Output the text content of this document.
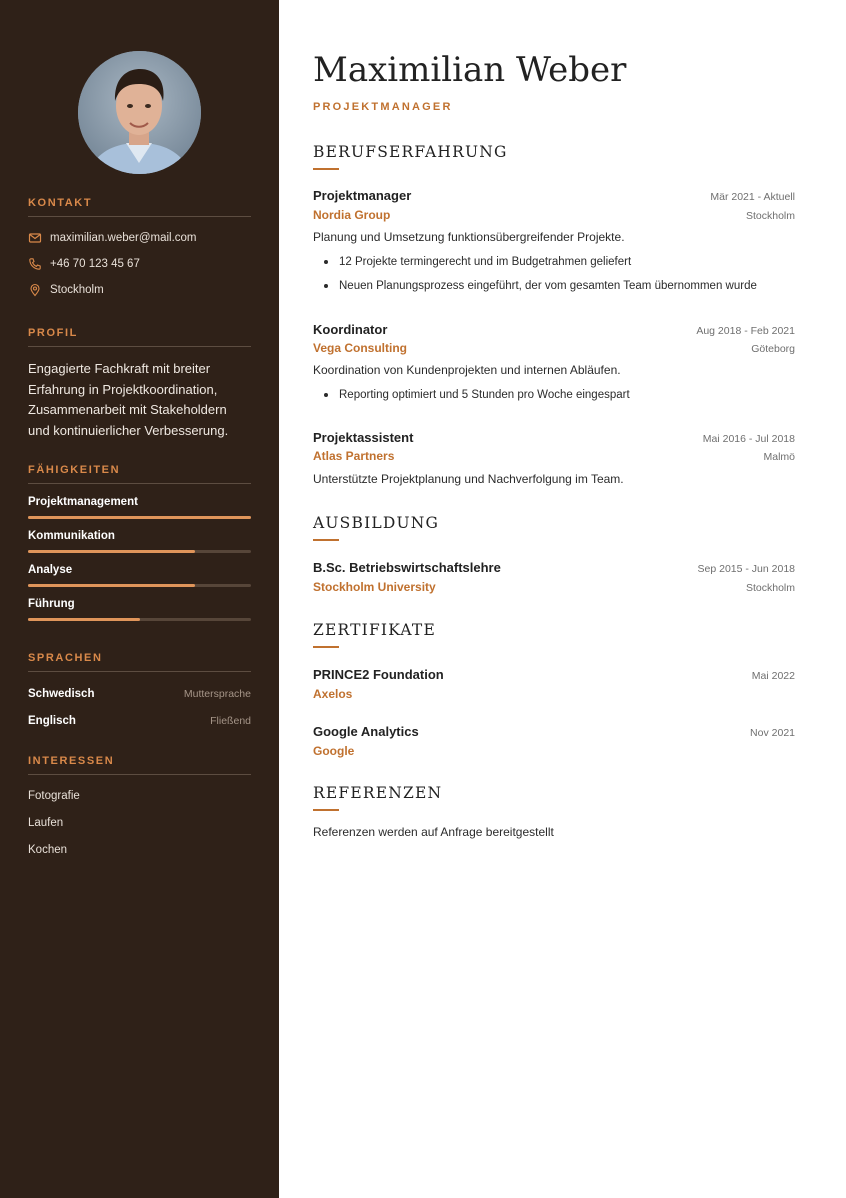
KONTAKT
maximilian.weber@mail.com
+46 70 123 45 67
Stockholm
PROFIL

Engagierte Fachkraft mit breiter Erfahrung in Projektkoordination, Zusammenarbeit mit Stakeholdern und kontinuierlicher Verbesserung.

FÄHIGKEITEN
Projektmanagement
Kommunikation
Analyse
Führung
SPRACHEN
Schwedisch	Muttersprache
Englisch	Fließend
INTERESSEN
Fotografie
Laufen
Kochen
Maximilian Weber
PROJEKTMANAGER
BERUFSERFAHRUNG
Projektmanager	Mär 2021 - Aktuell
Nordia Group	Stockholm
Planung und Umsetzung funktionsübergreifender Projekte.
12 Projekte termingerecht und im Budgetrahmen geliefert
Neuen Planungsprozess eingeführt, der vom gesamten Team übernommen wurde
Koordinator	Aug 2018 - Feb 2021
Vega Consulting	Göteborg
Koordination von Kundenprojekten und internen Abläufen.
Reporting optimiert und 5 Stunden pro Woche eingespart
Projektassistent	Mai 2016 - Jul 2018
Atlas Partners	Malmö
Unterstützte Projektplanung und Nachverfolgung im Team.
AUSBILDUNG
B.Sc. Betriebswirtschaftslehre	Sep 2015 - Jun 2018
Stockholm University	Stockholm
ZERTIFIKATE
PRINCE2 Foundation	Mai 2022
Axelos
Google Analytics	Nov 2021
Google
REFERENZEN
Referenzen werden auf Anfrage bereitgestellt
